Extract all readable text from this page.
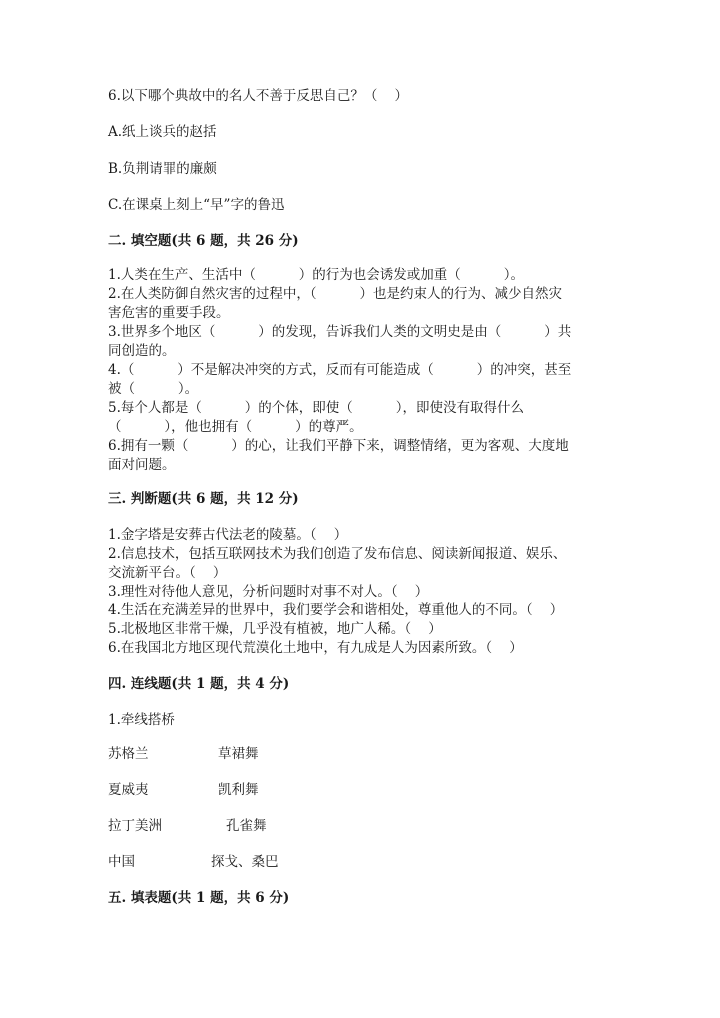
6.以下哪个典故中的名人不善于反思自己？（    ）
A.纸上谈兵的赵括
B.负荆请罪的廉颇
C.在课桌上刻上“早”字的鲁迅
二. 填空题(共 6 题，共 26 分)
1.人类在生产、生活中（          ）的行为也会诱发或加重（          ）。
2.在人类防御自然灾害的过程中，（          ）也是约束人的行为、减少自然灾
害危害的重要手段。
3.世界多个地区（          ）的发现，告诉我们人类的文明史是由（          ）共
同创造的。
4.（          ）不是解决冲突的方式，反而有可能造成（          ）的冲突，甚至
被（          ）。
5.每个人都是（          ）的个体，即使（          ），即使没有取得什么
（          ），他也拥有（          ）的尊严。
6.拥有一颗（          ）的心，让我们平静下来，调整情绪，更为客观、大度地
面对问题。
三. 判断题(共 6 题，共 12 分)
1.金字塔是安葬古代法老的陵墓。（    ）
2.信息技术，包括互联网技术为我们创造了发布信息、阅读新闻报道、娱乐、
交流新平台。（    ）
3.理性对待他人意见，分析问题时对事不对人。（    ）
4.生活在充满差异的世界中，我们要学会和谐相处，尊重他人的不同。（    ）
5.北极地区非常干燥，几乎没有植被，地广人稀。（    ）
6.在我国北方地区现代荒漠化土地中，有九成是人为因素所致。（    ）
四. 连线题(共 1 题，共 4 分)
1.牵线搭桥
苏格兰	草裙舞
夏威夷	凯利舞
拉丁美洲	孔雀舞
中国	探戈、桑巴
五. 填表题(共 1 题，共 6 分)
